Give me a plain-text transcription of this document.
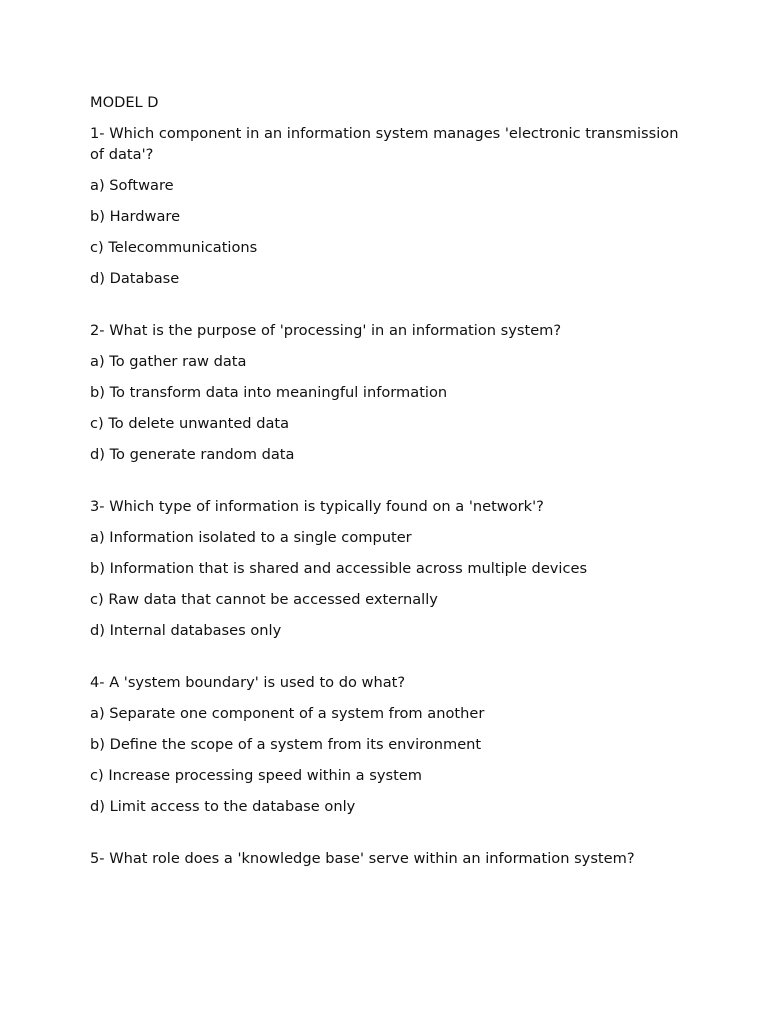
MODEL D
1- Which component in an information system manages 'electronic transmission of data'?
a) Software
b) Hardware
c) Telecommunications
d) Database
2- What is the purpose of 'processing' in an information system?
a) To gather raw data
b) To transform data into meaningful information
c) To delete unwanted data
d) To generate random data
3- Which type of information is typically found on a 'network'?
a) Information isolated to a single computer
b) Information that is shared and accessible across multiple devices
c) Raw data that cannot be accessed externally
d) Internal databases only
4- A 'system boundary' is used to do what?
a) Separate one component of a system from another
b) Define the scope of a system from its environment
c) Increase processing speed within a system
d) Limit access to the database only
5- What role does a 'knowledge base' serve within an information system?
